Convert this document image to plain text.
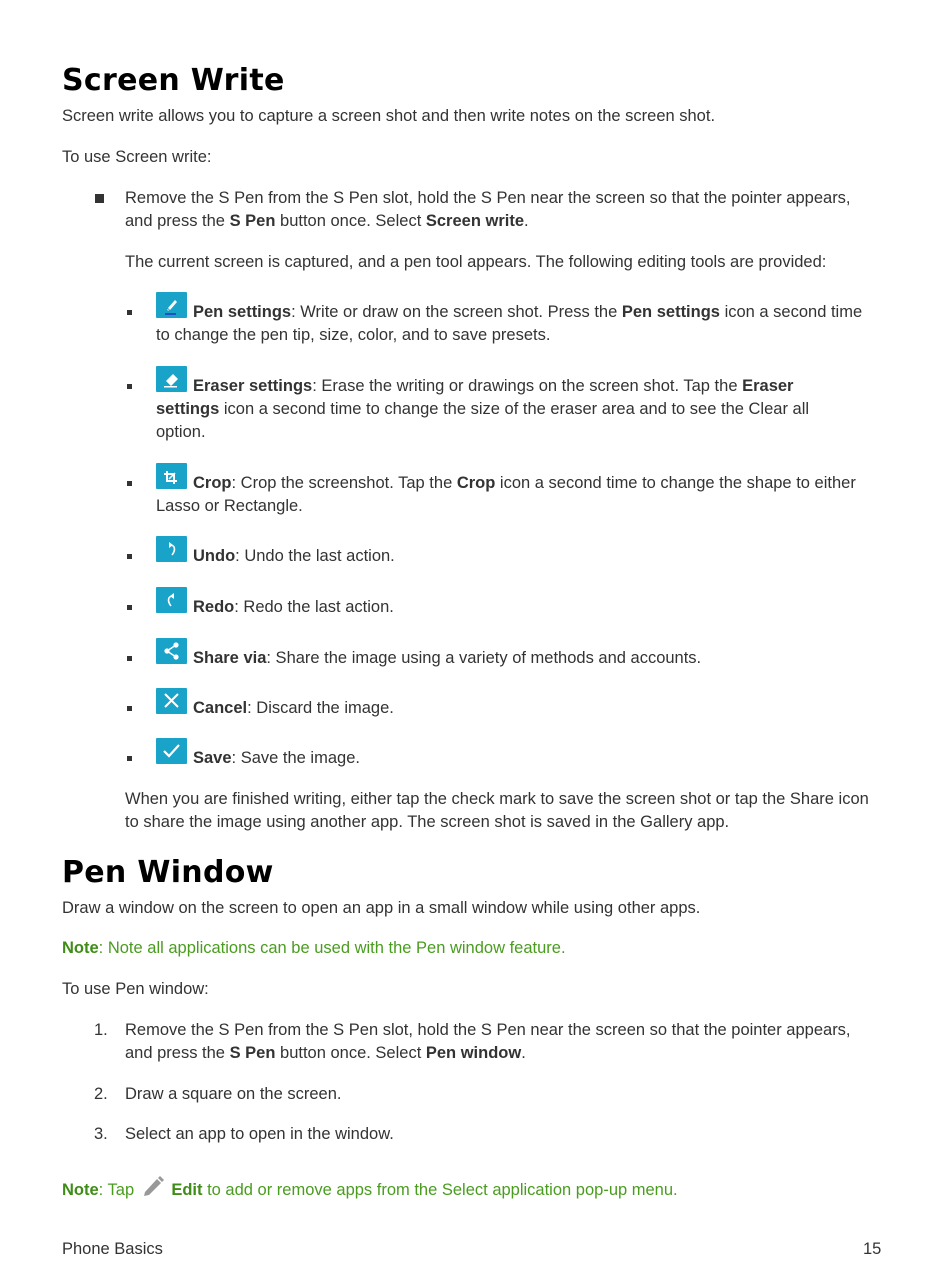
Screen Write

Screen write allows you to capture a screen shot and then write notes on the screen shot.

To use Screen write:

Remove the S Pen from the S Pen slot, hold the S Pen near the screen so that the pointer appears, and press the S Pen button once. Select Screen write.

The current screen is captured, and a pen tool appears. The following editing tools are provided:

Pen settings: Write or draw on the screen shot. Press the Pen settings icon a second time to change the pen tip, size, color, and to save presets.

Eraser settings: Erase the writing or drawings on the screen shot. Tap the Eraser settings icon a second time to change the size of the eraser area and to see the Clear all option.

Crop: Crop the screenshot. Tap the Crop icon a second time to change the shape to either Lasso or Rectangle.

Undo: Undo the last action.

Redo: Redo the last action.

Share via: Share the image using a variety of methods and accounts.

Cancel: Discard the image.

Save: Save the image.

When you are finished writing, either tap the check mark to save the screen shot or tap the Share icon to share the image using another app. The screen shot is saved in the Gallery app.

Pen Window

Draw a window on the screen to open an app in a small window while using other apps.

Note: Note all applications can be used with the Pen window feature.

To use Pen window:

1. Remove the S Pen from the S Pen slot, hold the S Pen near the screen so that the pointer appears, and press the S Pen button once. Select Pen window.

2. Draw a square on the screen.

3. Select an app to open in the window.

Note: Tap  Edit to add or remove apps from the Select application pop-up menu.

Phone Basics	15
